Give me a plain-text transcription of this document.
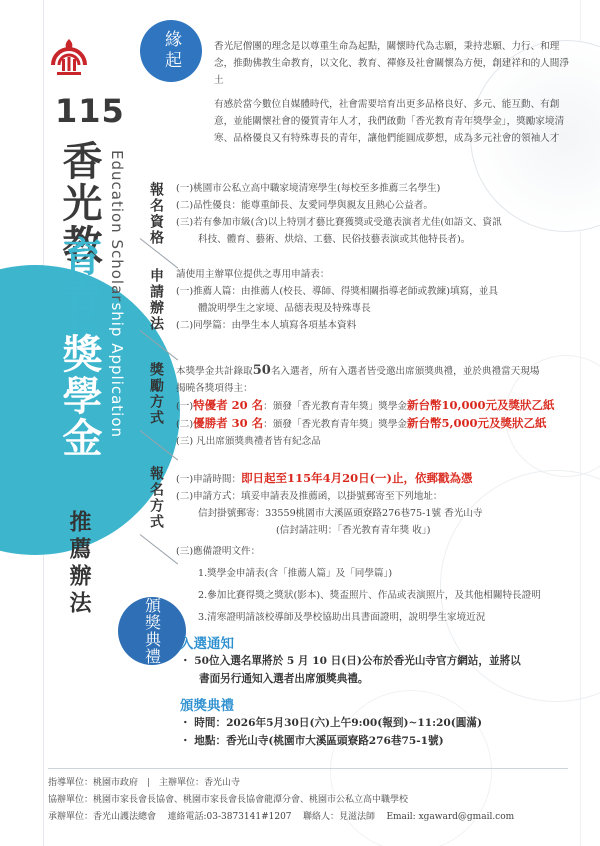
115
香光教
育青年
獎學金
Education Scholarship Application
推薦辦法
緣起	香光尼僧團的理念是以尊重生命為起點，關懷時代為志願，秉持悲願、力行、和理念，推動佛教生命教育，以文化、教育、禪修及社會關懷為方便，創建祥和的人間淨土
有感於當今數位自媒體時代，社會需要培育出更多品格良好、多元、能互動、有創意，並能關懷社會的優質青年人才，我們啟動「香光教育青年獎學金」，獎勵家境清寒、品格優良又有特殊專長的青年，讓他們能圓成夢想，成為多元社會的領袖人才
報名資格 (一)桃園市公私立高中職家境清寒學生(每校至多推薦三名學生)
(二)品性優良：能尊重師長、友愛同學與親友且熱心公益者。
(三)若有參加市級(含)以上特別才藝比賽獲獎或受邀表演者尤佳(如語文、資訊
科技、體育、藝術、烘焙、工藝、民俗技藝表演或其他特長者)。
申請辦法 請使用主辦單位提供之專用申請表：
(一)推薦人篇：由推薦人(校長、導師、得獎相關指導老師或教練)填寫，並具
體說明學生之家境、品德表現及特殊專長
(二)同學篇：由學生本人填寫各項基本資料
獎勵方式 本獎學金共計錄取50名入選者，所有入選者皆受邀出席頒獎典禮，並於典禮當天現場
揭曉各獎項得主：
(一)特優者 20 名：頒發「香光教育青年獎」獎學金新台幣10,000元及獎狀乙紙
(二)優勝者 30 名：頒發「香光教育青年獎」獎學金新台幣5,000元及獎狀乙紙
(三) 凡出席頒獎典禮者皆有紀念品
報名方式 (一)申請時間：即日起至115年4月20日(一)止，依郵戳為憑
(二)申請方式：填妥申請表及推薦函，以掛號郵寄至下列地址：
信封掛號郵寄：33559桃園市大溪區頭寮路276巷75-1號 香光山寺
(信封請註明：「香光教育青年獎 收」)
(三)應備證明文件：
1.獎學金申請表(含「推薦人篇」及「同學篇」)
2.參加比賽得獎之獎狀(影本)、獎盃照片、作品或表演照片，及其他相關特長證明
3.清寒證明請該校導師及學校協助出具書面證明，說明學生家境近況
頒獎典禮 入選通知
・ 50位入選名單將於 5 月 10 日(日)公布於香光山寺官方網站，並將以
書面另行通知入選者出席頒獎典禮。
頒獎典禮
・ 時間：2026年5月30日(六)上午9:00(報到)~11:20(圓滿)
・ 地點：香光山寺(桃園市大溪區頭寮路276巷75-1號)
指導單位：桃園市政府 主辦單位：香光山寺
協辦單位：桃園市家長會長協會、桃園市家長會長協會龍潭分會、桃園市公私立高中職學校
承辦單位：香光山護法總會 連絡電話:03-3873141#1207 聯絡人：見滋法師 Email: xgaward@gmail.com
